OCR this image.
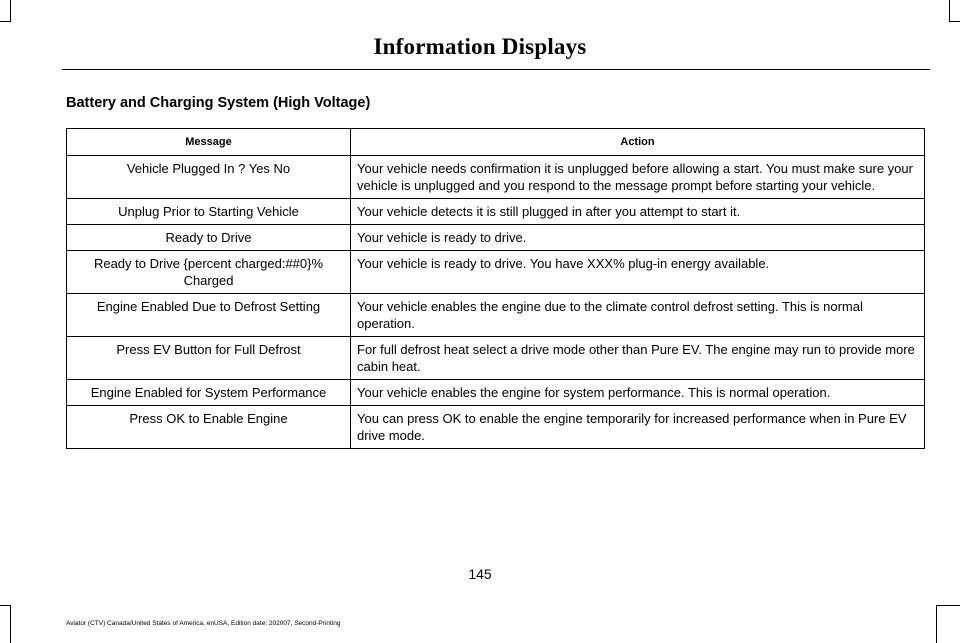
Information Displays
Battery and Charging System (High Voltage)
Message	Action
Vehicle Plugged In ? Yes No	Your vehicle needs confirmation it is unplugged before allowing a start. You must make sure your vehicle is unplugged and you respond to the message prompt before starting your vehicle.
Unplug Prior to Starting Vehicle	Your vehicle detects it is still plugged in after you attempt to start it.
Ready to Drive	Your vehicle is ready to drive.
Ready to Drive {percent charged:##0}% Charged	Your vehicle is ready to drive. You have XXX% plug-in energy available.
Engine Enabled Due to Defrost Setting	Your vehicle enables the engine due to the climate control defrost setting. This is normal operation.
Press EV Button for Full Defrost	For full defrost heat select a drive mode other than Pure EV. The engine may run to provide more cabin heat.
Engine Enabled for System Performance	Your vehicle enables the engine for system performance. This is normal operation.
Press OK to Enable Engine	You can press OK to enable the engine temporarily for increased performance when in Pure EV drive mode.
145
Aviator (CTV) Canada/United States of America, enUSA, Edition date: 202007, Second-Printing
